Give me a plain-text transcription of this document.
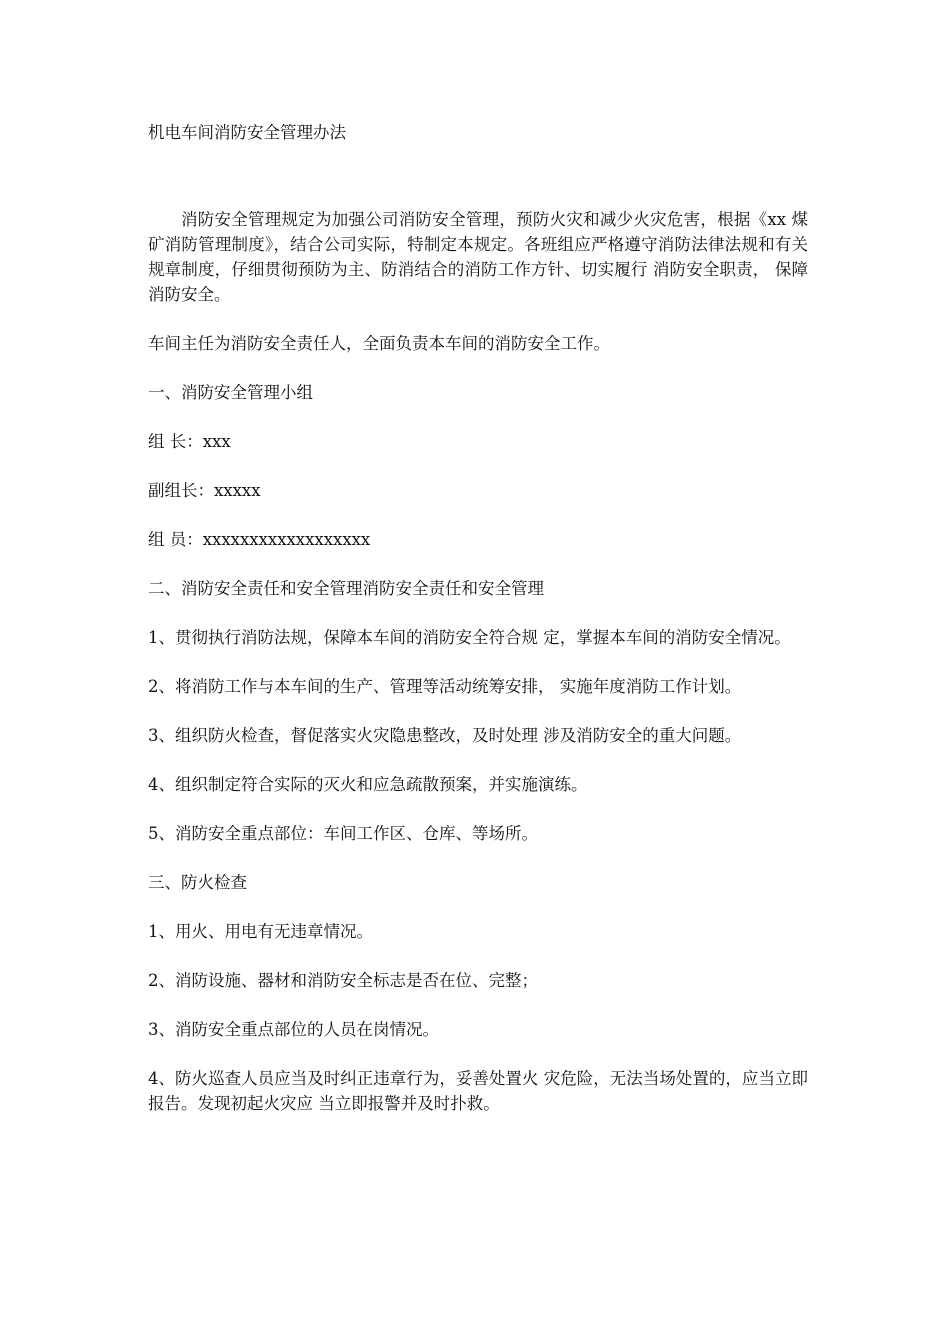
机电车间消防安全管理办法

消防安全管理规定为加强公司消防安全管理，预防火灾和减少火灾危害，根据《xx 煤矿消防管理制度》，结合公司实际，特制定本规定。各班组应严格遵守消防法律法规和有关规章制度，仔细贯彻预防为主、防消结合的消防工作方针、切实履行 消防安全职责， 保障消防安全。

车间主任为消防安全责任人，全面负责本车间的消防安全工作。

一、消防安全管理小组

组 长：xxx

副组长：xxxxx

组 员：xxxxxxxxxxxxxxxxxx

二、消防安全责任和安全管理消防安全责任和安全管理

1、贯彻执行消防法规，保障本车间的消防安全符合规 定，掌握本车间的消防安全情况。

2、将消防工作与本车间的生产、管理等活动统筹安排， 实施年度消防工作计划。

3、组织防火检查，督促落实火灾隐患整改，及时处理 涉及消防安全的重大问题。

4、组织制定符合实际的灭火和应急疏散预案，并实施演练。

5、消防安全重点部位：车间工作区、仓库、等场所。

三、防火检查

1、用火、用电有无违章情况。

2、消防设施、器材和消防安全标志是否在位、完整；

3、消防安全重点部位的人员在岗情况。

4、防火巡查人员应当及时纠正违章行为，妥善处置火 灾危险，无法当场处置的，应当立即报告。发现初起火灾应 当立即报警并及时扑救。
